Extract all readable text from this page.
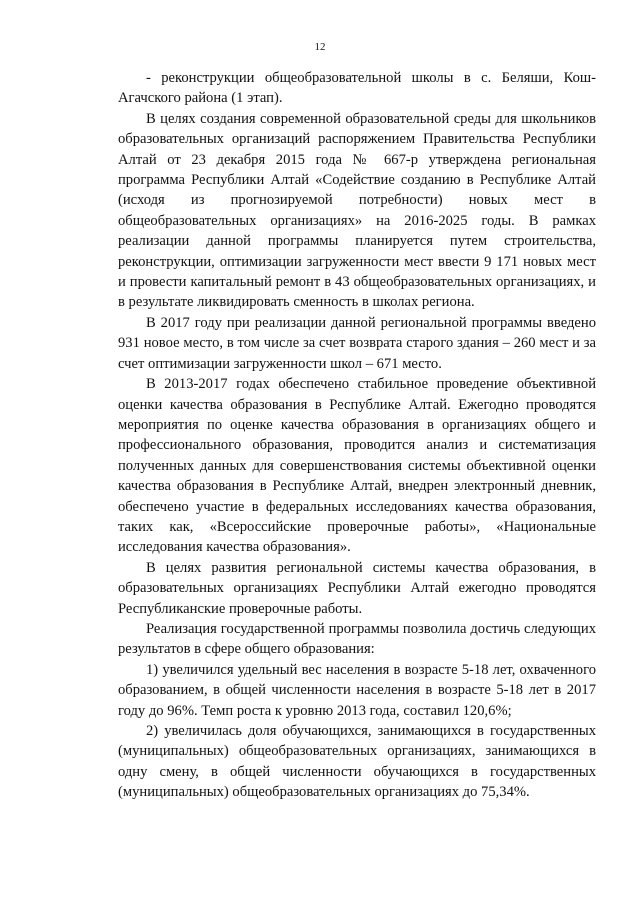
12

- реконструкции общеобразовательной школы в с. Беляши, Кош-Агачского района (1 этап).

В целях создания современной образовательной среды для школьников образовательных организаций распоряжением Правительства Республики Алтай от 23 декабря 2015 года № 667-р утверждена региональная программа Республики Алтай «Содействие созданию в Республике Алтай (исходя из прогнозируемой потребности) новых мест в общеобразовательных организациях» на 2016-2025 годы. В рамках реализации данной программы планируется путем строительства, реконструкции, оптимизации загруженности мест ввести 9 171 новых мест и провести капитальный ремонт в 43 общеобразовательных организациях, и в результате ликвидировать сменность в школах региона.

В 2017 году при реализации данной региональной программы введено 931 новое место, в том числе за счет возврата старого здания – 260 мест и за счет оптимизации загруженности школ – 671 место.

В 2013-2017 годах обеспечено стабильное проведение объективной оценки качества образования в Республике Алтай. Ежегодно проводятся мероприятия по оценке качества образования в организациях общего и профессионального образования, проводится анализ и систематизация полученных данных для совершенствования системы объективной оценки качества образования в Республике Алтай, внедрен электронный дневник, обеспечено участие в федеральных исследованиях качества образования, таких как, «Всероссийские проверочные работы», «Национальные исследования качества образования».

В целях развития региональной системы качества образования, в образовательных организациях Республики Алтай ежегодно проводятся Республиканские проверочные работы.

Реализация государственной программы позволила достичь следующих результатов в сфере общего образования:

1) увеличился удельный вес населения в возрасте 5-18 лет, охваченного образованием, в общей численности населения в возрасте 5-18 лет в 2017 году до 96%. Темп роста к уровню 2013 года, составил 120,6%;

2) увеличилась доля обучающихся, занимающихся в государственных (муниципальных) общеобразовательных организациях, занимающихся в одну смену, в общей численности обучающихся в государственных (муниципальных) общеобразовательных организациях до 75,34%.
